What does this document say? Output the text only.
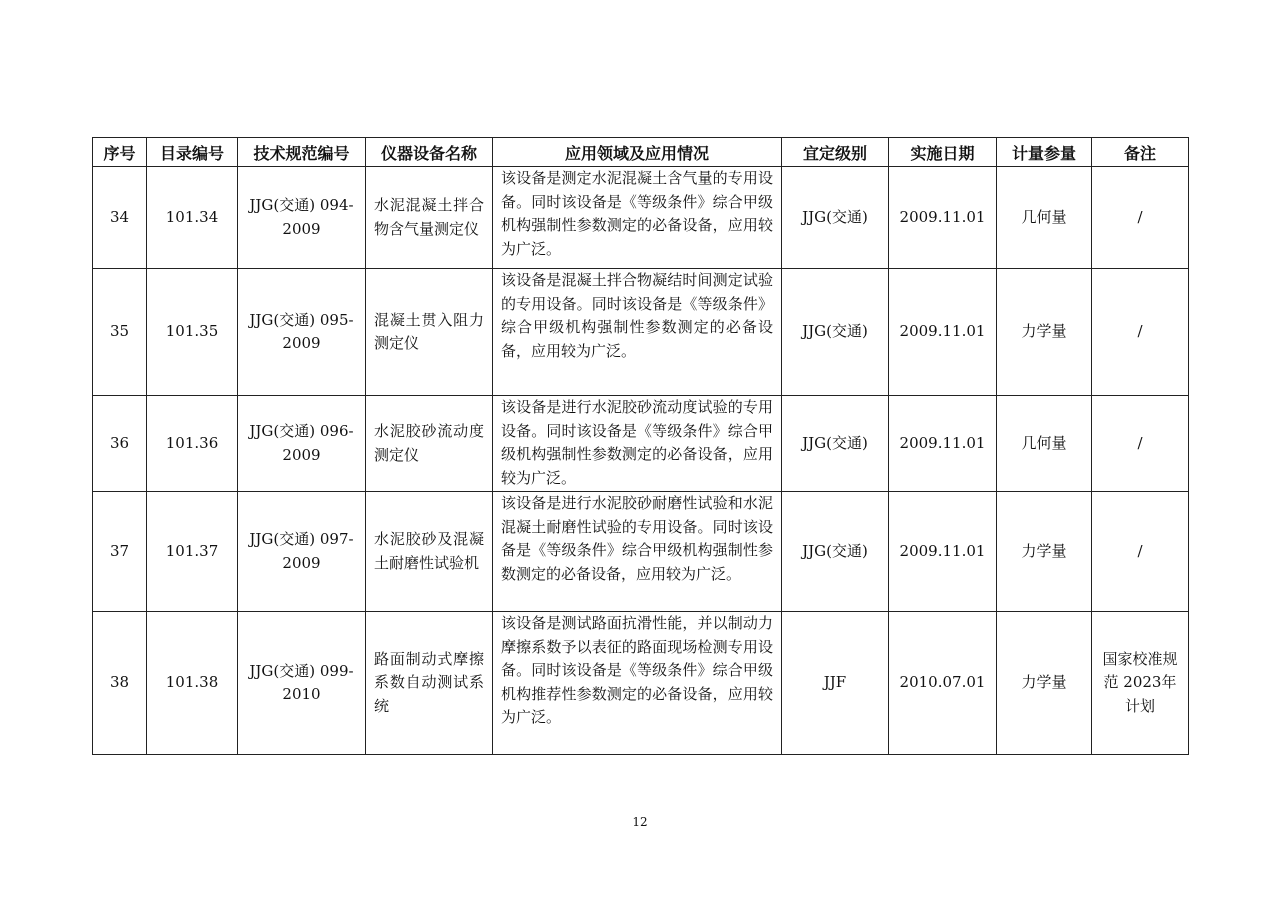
序号	目录编号	技术规范编号	仪器设备名称	应用领域及应用情况	宜定级别	实施日期	计量参量	备注
34	101.34	JJG(交通) 094-2009	水泥混凝土拌合物含气量测定仪	该设备是测定水泥混凝土含气量的专用设备。同时该设备是《等级条件》综合甲级机构强制性参数测定的必备设备，应用较为广泛。	JJG(交通)	2009.11.01	几何量	/
35	101.35	JJG(交通) 095-2009	混凝土贯入阻力测定仪	该设备是混凝土拌合物凝结时间测定试验的专用设备。同时该设备是《等级条件》综合甲级机构强制性参数测定的必备设备，应用较为广泛。	JJG(交通)	2009.11.01	力学量	/
36	101.36	JJG(交通) 096-2009	水泥胶砂流动度测定仪	该设备是进行水泥胶砂流动度试验的专用设备。同时该设备是《等级条件》综合甲级机构强制性参数测定的必备设备，应用较为广泛。	JJG(交通)	2009.11.01	几何量	/
37	101.37	JJG(交通) 097-2009	水泥胶砂及混凝土耐磨性试验机	该设备是进行水泥胶砂耐磨性试验和水泥混凝土耐磨性试验的专用设备。同时该设备是《等级条件》综合甲级机构强制性参数测定的必备设备，应用较为广泛。	JJG(交通)	2009.11.01	力学量	/
38	101.38	JJG(交通) 099-2010	路面制动式摩擦系数自动测试系统	该设备是测试路面抗滑性能，并以制动力摩擦系数予以表征的路面现场检测专用设备。同时该设备是《等级条件》综合甲级机构推荐性参数测定的必备设备，应用较为广泛。	JJF	2010.07.01	力学量	国家校准规范 2023年计划
12
